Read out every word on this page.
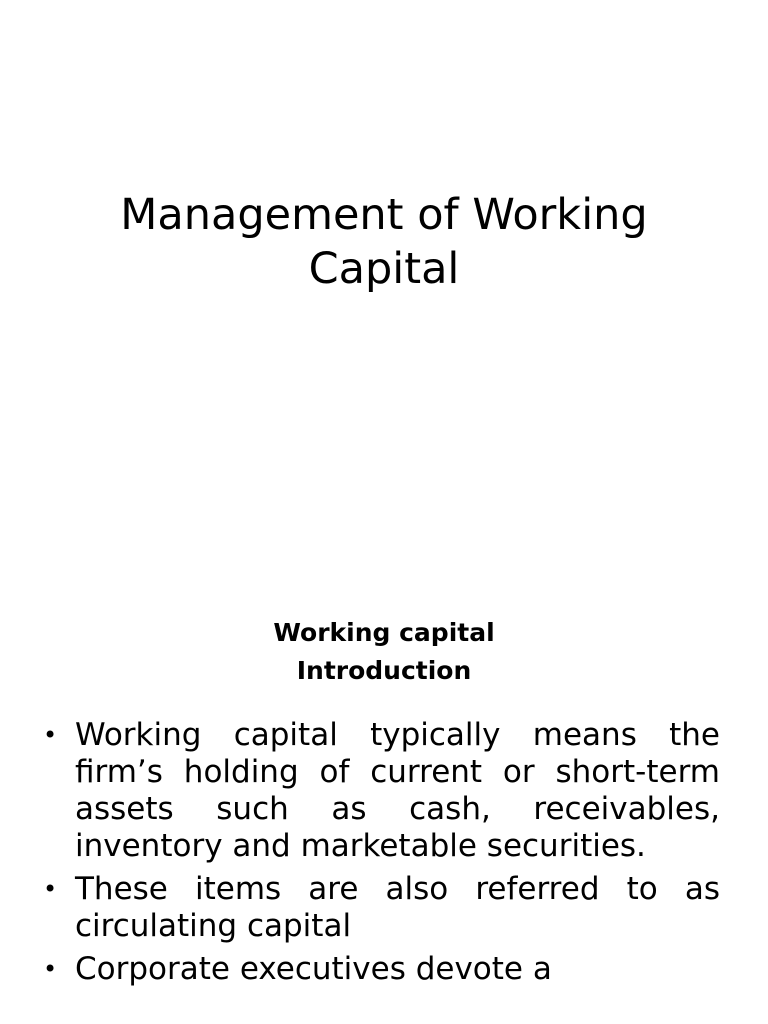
Management of Working Capital
Working capital
Introduction
• Working capital typically means the firm’s holding of current or short-term assets such as cash, receivables, inventory and marketable securities.
• These items are also referred to as circulating capital
• Corporate executives devote a
